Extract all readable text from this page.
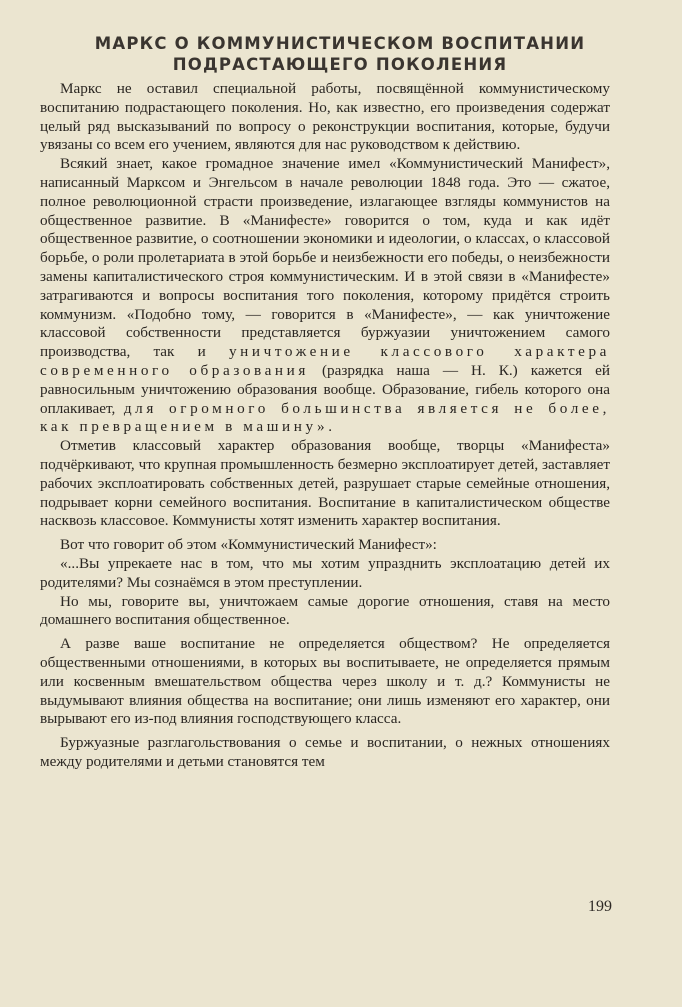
МАРКС О КОММУНИСТИЧЕСКОМ ВОСПИТАНИИ
ПОДРАСТАЮЩЕГО ПОКОЛЕНИЯ

Маркс не оставил специальной работы, посвящённой коммунистическому воспитанию подрастающего поколения. Но, как известно, его произведения содержат целый ряд высказываний по вопросу о реконструкции воспитания, которые, будучи увязаны со всем его учением, являются для нас руководством к действию.

Всякий знает, какое громадное значение имел «Коммунистический Манифест», написанный Марксом и Энгельсом в начале революции 1848 года. Это — сжатое, полное революционной страсти произведение, излагающее взгляды коммунистов на общественное развитие. В «Манифесте» говорится о том, куда и как идёт общественное развитие, о соотношении экономики и идеологии, о классах, о классовой борьбе, о роли пролетариата в этой борьбе и неизбежности его победы, о неизбежности замены капиталистического строя коммунистическим. И в этой связи в «Манифесте» затрагиваются и вопросы воспитания того поколения, которому придётся строить коммунизм. «Подобно тому, — говорится в «Манифесте», — как уничтожение классовой собственности представляется буржуазии уничтожением самого производства, так и уничтожение классового характера современного образования (разрядка наша — Н. К.) кажется ей равносильным уничтожению образования вообще. Образование, гибель которого она оплакивает, для огромного большинства является не более, как превращением в машину».

Отметив классовый характер образования вообще, творцы «Манифеста» подчёркивают, что крупная промышленность безмерно эксплоатирует детей, заставляет рабочих эксплоатировать собственных детей, разрушает старые семейные отношения, подрывает корни семейного воспитания. Воспитание в капиталистическом обществе насквозь классовое. Коммунисты хотят изменить характер воспитания.

Вот что говорит об этом «Коммунистический Манифест»:

«...Вы упрекаете нас в том, что мы хотим упразднить эксплоатацию детей их родителями? Мы сознаёмся в этом преступлении.

Но мы, говорите вы, уничтожаем самые дорогие отношения, ставя на место домашнего воспитания общественное.

А разве ваше воспитание не определяется обществом? Не определяется общественными отношениями, в которых вы воспитываете, не определяется прямым или косвенным вмешательством общества через школу и т. д.? Коммунисты не выдумывают влияния общества на воспитание; они лишь изменяют его характер, они вырывают его из-под влияния господствующего класса.

Буржуазные разглагольствования о семье и воспитании, о нежных отношениях между родителями и детьми становятся тем

199
